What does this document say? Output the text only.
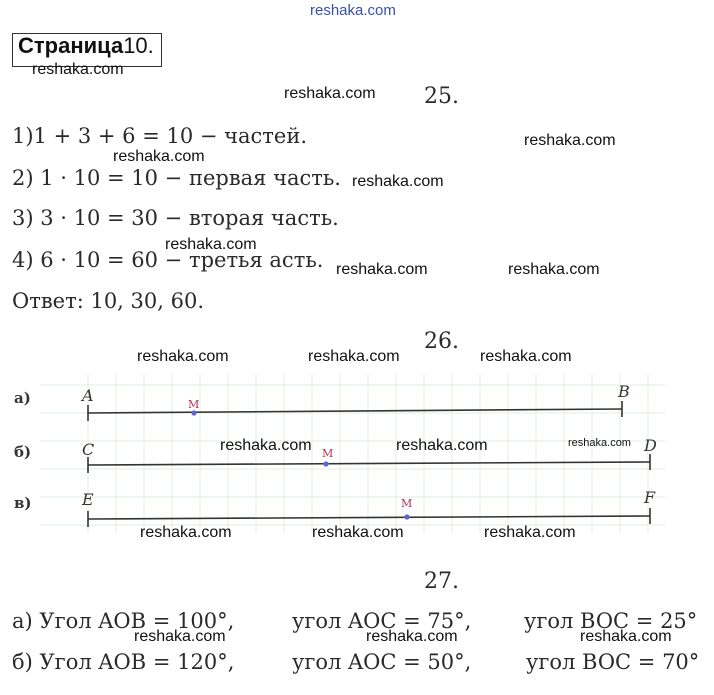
reshaka.com
Страница10.
25.
1)1 + 3 + 6 = 10 − частей.
2) 1 · 10 = 10 − первая часть.
3) 3 · 10 = 30 − вторая часть.
4) 6 · 10 = 60 − третья асть.
Ответ: 10, 30, 60.
26.
а)	A	B
M
б)	C	D
M
в)	E	F
M
reshaka.com
27.
а) Угол AOB = 100°,	угол AOC = 75°,	угол BOC = 25°
б) Угол AOB = 120°,	угол AOC = 50°,	угол BOC = 70°
reshaka.com
reshaka.com
reshaka.com
reshaka.com
reshaka.com
reshaka.com
reshaka.com	reshaka.com
reshaka.com	reshaka.com	reshaka.com
reshaka.com	reshaka.com
reshaka.com	reshaka.com	reshaka.com
reshaka.com	reshaka.com	reshaka.com
